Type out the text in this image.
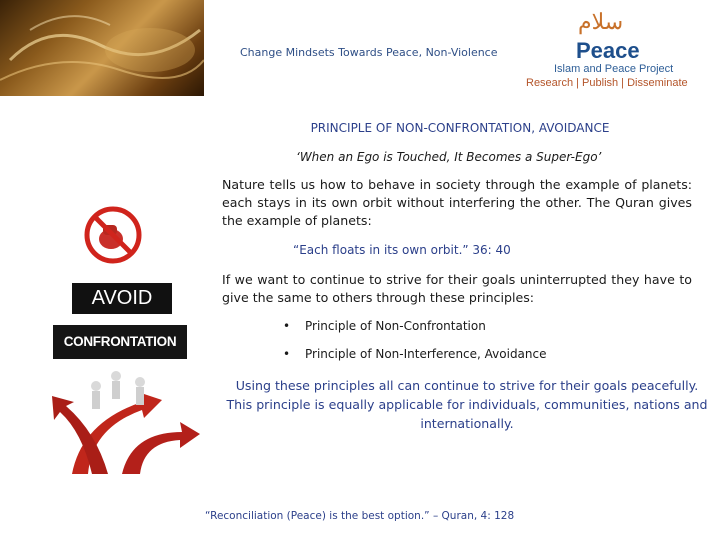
Change Mindsets Towards Peace, Non-Violence
سلام
Peace
Islam and Peace Project
Research | Publish | Disseminate
PRINCIPLE OF NON-CONFRONTATION, AVOIDANCE
‘When an Ego is Touched, It Becomes a Super-Ego’
Nature tells us how to behave in society through the example of planets: each stays in its own orbit without interfering the other. The Quran gives the example of planets:
“Each floats in its own orbit.” 36: 40
If we want to continue to strive for their goals uninterrupted they have to give the same to others through these principles:
• Principle of Non-Confrontation
• Principle of Non-Interference, Avoidance
Using these principles all can continue to strive for their goals peacefully. This principle is equally applicable for individuals, communities, nations and internationally.
“Reconciliation (Peace) is the best option.” – Quran, 4: 128
AVOID
CONFRONTATION
